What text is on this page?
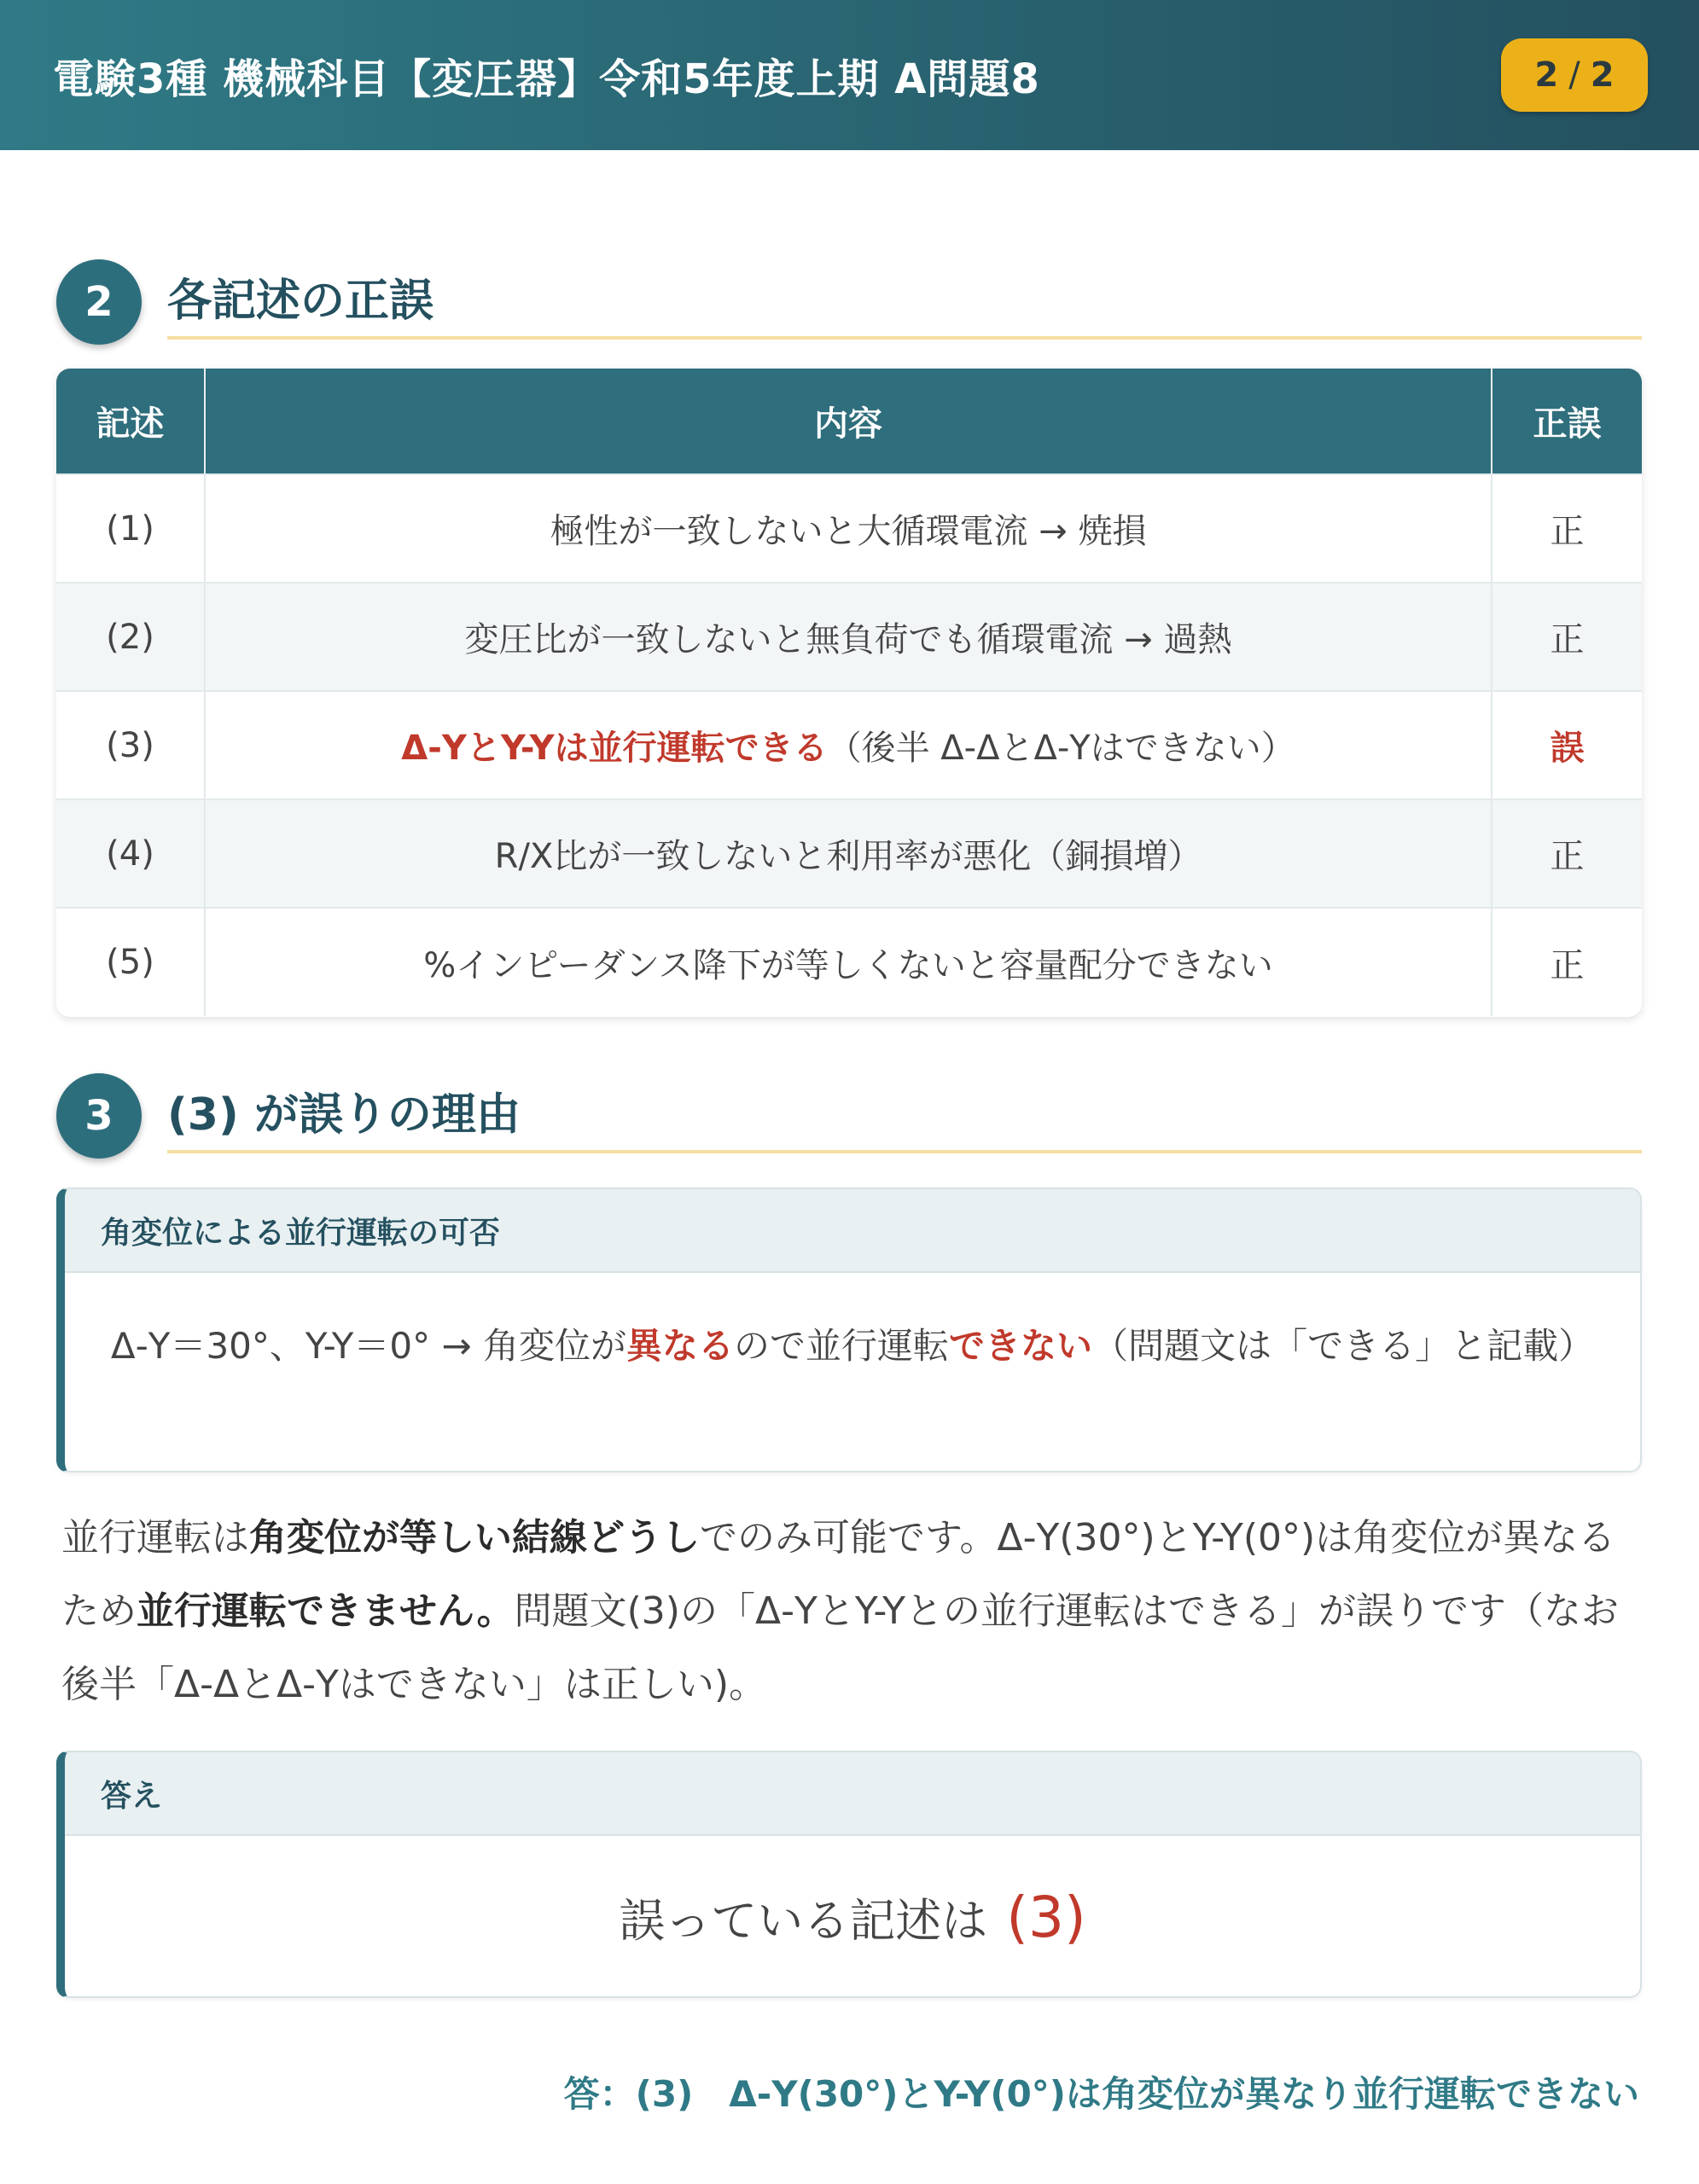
電験3種 機械科目【変圧器】令和5年度上期 A問題8	2 / 2
2	各記述の正誤
記述	内容	正誤
(1)	極性が一致しないと大循環電流 → 焼損	正
(2)	変圧比が一致しないと無負荷でも循環電流 → 過熱	正
(3)	Δ-YとY-Yは並行運転できる（後半 Δ-ΔとΔ-Yはできない）	誤
(4)	R/X比が一致しないと利用率が悪化（銅損増）	正
(5)	%インピーダンス降下が等しくないと容量配分できない	正
3	(3) が誤りの理由
角変位による並行運転の可否
Δ-Y＝30°、Y-Y＝0° → 角変位が異なるので並行運転できない（問題文は「できる」と記載）
並行運転は角変位が等しい結線どうしでのみ可能です。Δ-Y(30°)とY-Y(0°)は角変位が異なるため並行運転できません。問題文(3)の「Δ-YとY-Yとの並行運転はできる」が誤りです（なお後半「Δ-ΔとΔ-Yはできない」は正しい)。
答え
誤っている記述は (3)
答：(3)　Δ-Y(30°)とY-Y(0°)は角変位が異なり並行運転できない
